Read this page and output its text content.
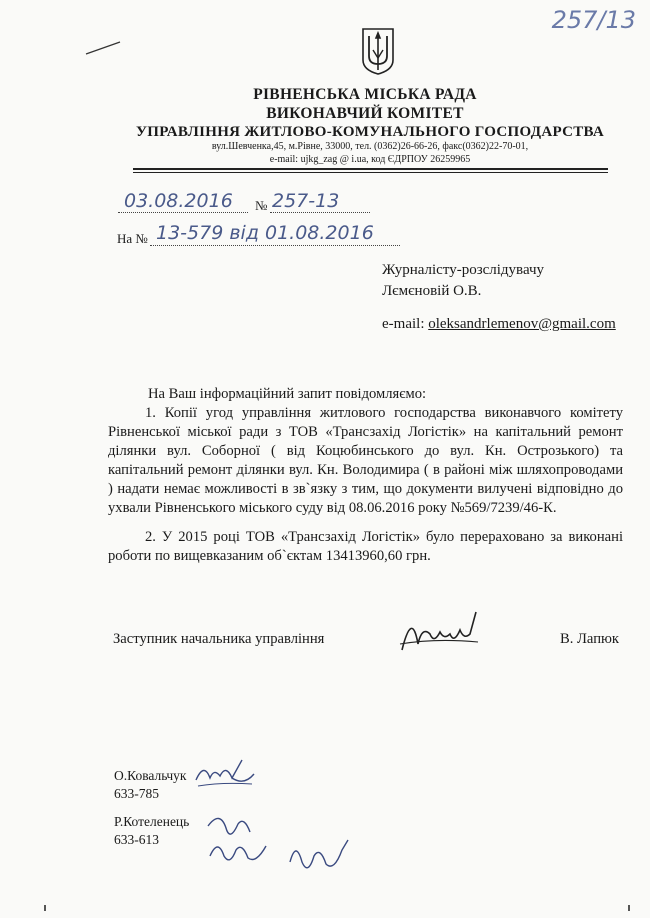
257/13
РІВНЕНСЬКА МІСЬКА РАДА
ВИКОНАВЧИЙ КОМІТЕТ
УПРАВЛІННЯ ЖИТЛОВО-КОМУНАЛЬНОГО ГОСПОДАРСТВА
вул.Шевченка,45, м.Рівне, 33000, тел. (0362)26-66-26, факс(0362)22-70-01,
e-mail: ujkg_zag @ i.ua, код ЄДРПОУ 26259965
03.08.2016 № 257-13
На № 13-579 від 01.08.2016
Журналісту-розслідувачу
Лємєновій О.В.
e-mail: oleksandrlemenov@gmail.com
На Ваш інформаційний запит повідомляємо:
1. Копії угод управління житлового господарства виконавчого комітету Рівненської міської ради з ТОВ «Трансзахід Логістік» на капітальний ремонт ділянки вул. Соборної ( від Коцюбинського до вул. Кн. Острозького) та капітальний ремонт ділянки вул. Кн. Володимира ( в районі між шляхопроводами ) надати немає можливості в зв`язку з тим, що документи вилучені відповідно до ухвали Рівненського міського суду від 08.06.2016 року №569/7239/46-К.
2. У 2015 році ТОВ «Трансзахід Логістік» було перераховано за виконані роботи по вищевказаним об`єктам 13413960,60 грн.
Заступник начальника управління	В. Лапюк
О.Ковальчук
633-785
Р.Котеленець
633-613
